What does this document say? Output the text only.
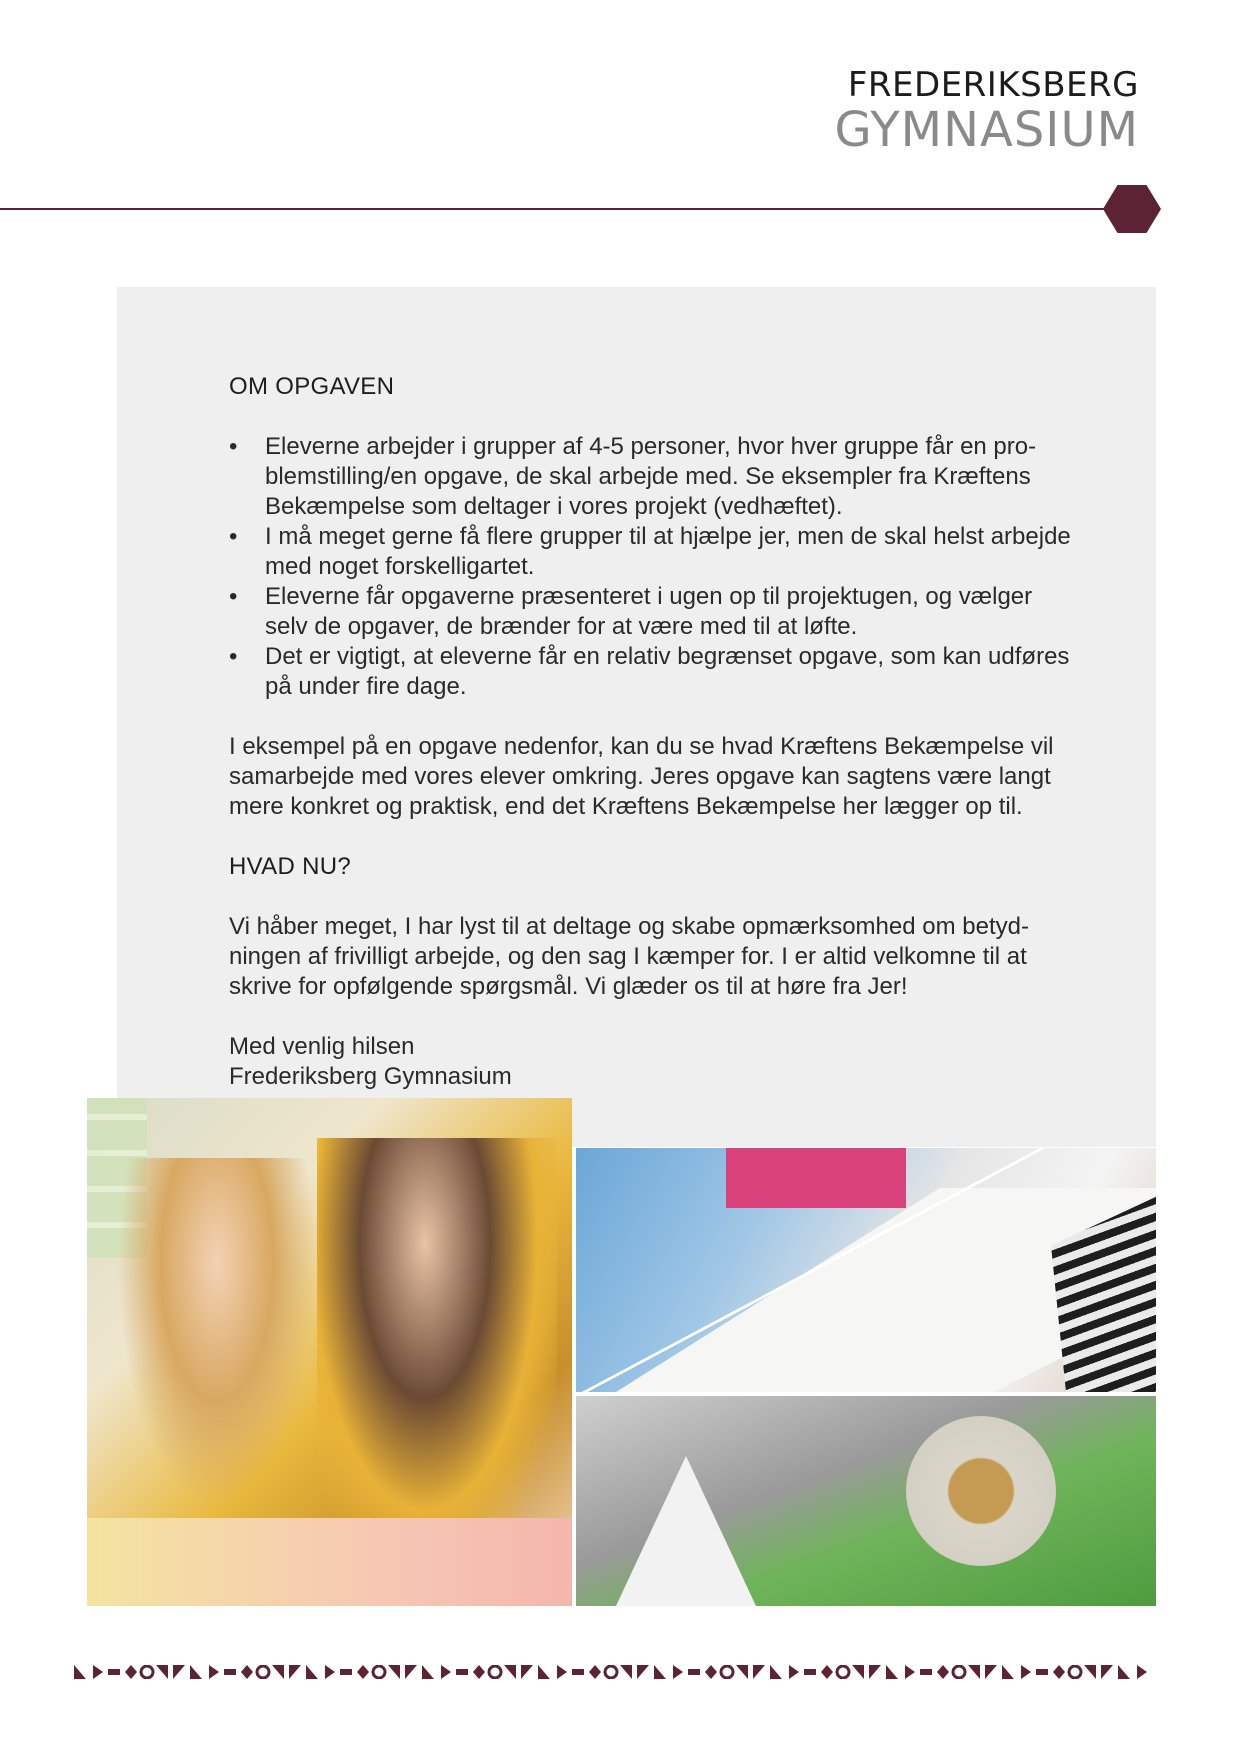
FREDERIKSBERG
GYMNASIUM
OM OPGAVEN
• Eleverne arbejder i grupper af 4-5 personer, hvor hver gruppe får en pro-
blemstilling/en opgave, de skal arbejde med. Se eksempler fra Kræftens
Bekæmpelse som deltager i vores projekt (vedhæftet).
• I må meget gerne få flere grupper til at hjælpe jer, men de skal helst arbejde
med noget forskelligartet.
• Eleverne får opgaverne præsenteret i ugen op til projektugen, og vælger
selv de opgaver, de brænder for at være med til at løfte.
• Det er vigtigt, at eleverne får en relativ begrænset opgave, som kan udføres
på under fire dage.

I eksempel på en opgave nedenfor, kan du se hvad Kræftens Bekæmpelse vil
samarbejde med vores elever omkring. Jeres opgave kan sagtens være langt
mere konkret og praktisk, end det Kræftens Bekæmpelse her lægger op til.

HVAD NU?

Vi håber meget, I har lyst til at deltage og skabe opmærksomhed om betyd-
ningen af frivilligt arbejde, og den sag I kæmper for. I er altid velkomne til at
skrive for opfølgende spørgsmål. Vi glæder os til at høre fra Jer!

Med venlig hilsen
Frederiksberg Gymnasium
